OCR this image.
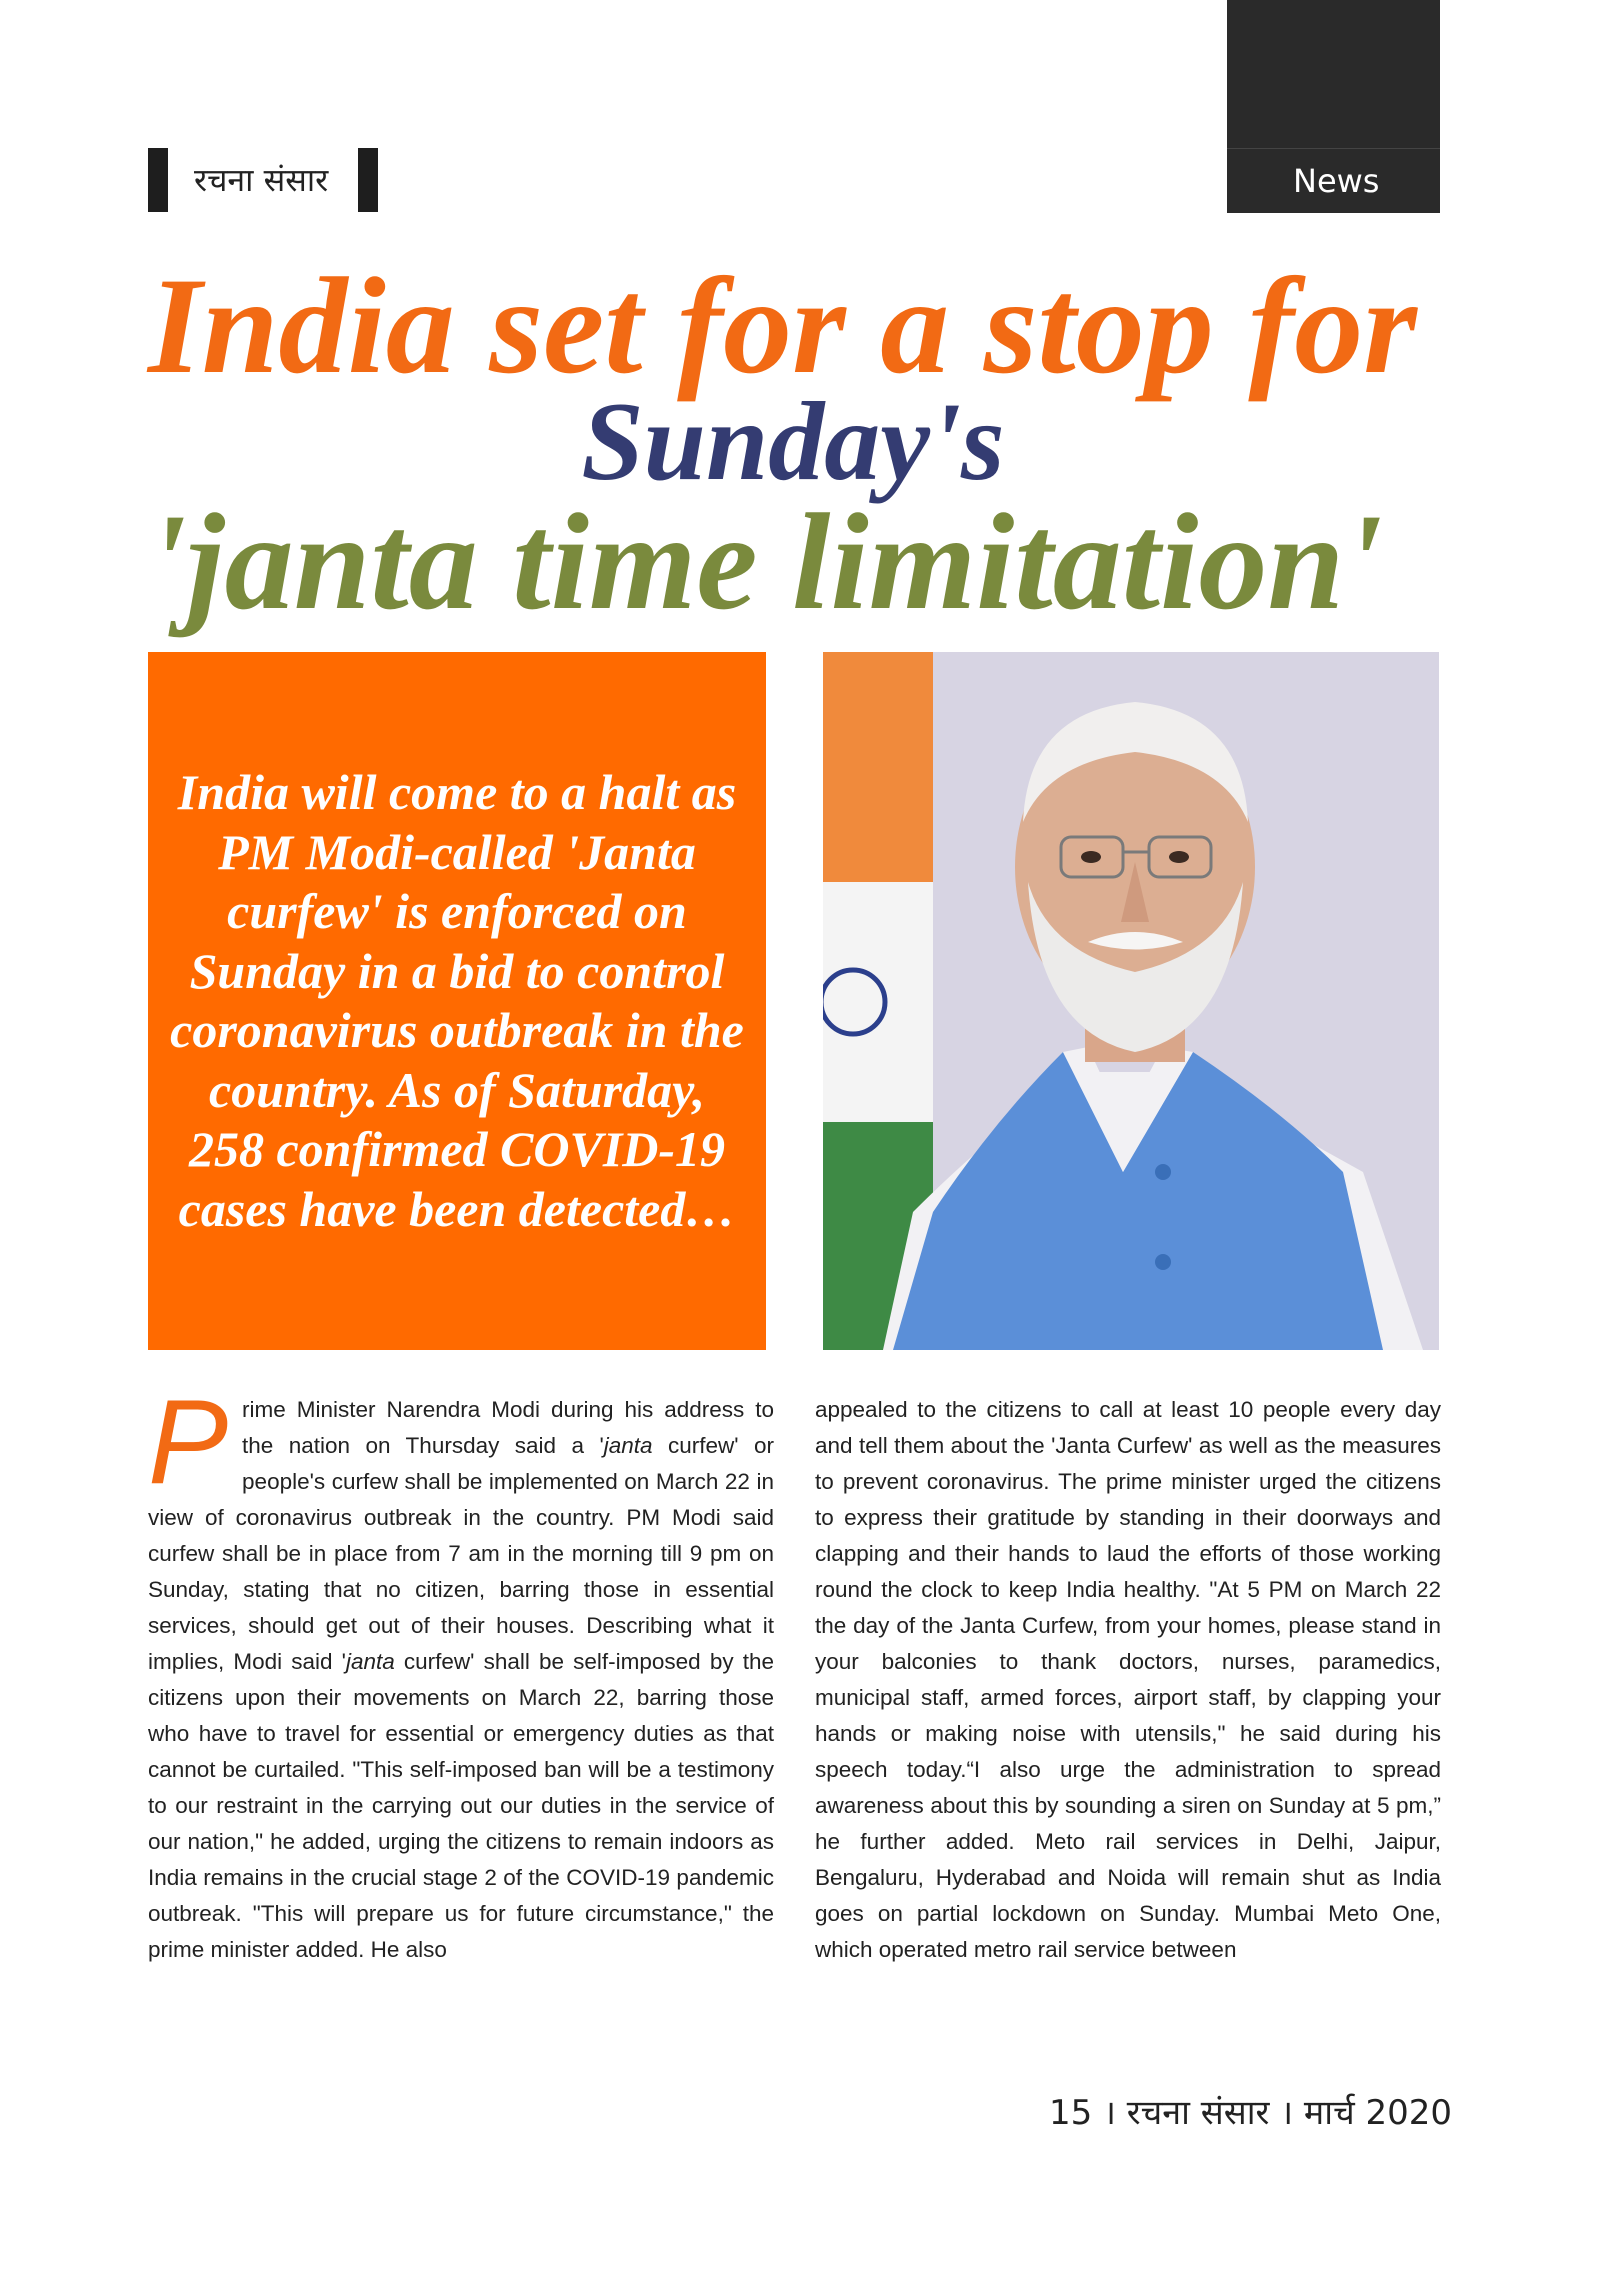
News
रचना संसार
India set for a stop for
Sunday's
'janta time limitation'

India will come to a halt as PM Modi-called 'Janta curfew' is enforced on Sunday in a bid to control coronavirus outbreak in the country. As of Saturday, 258 confirmed COVID-19 cases have been detected…

Prime Minister Narendra Modi during his address to the nation on Thursday said a 'janta curfew' or people's curfew shall be implemented on March 22 in view of coronavirus outbreak in the country. PM Modi said curfew shall be in place from 7 am in the morning till 9 pm on Sunday, stating that no citizen, barring those in essential services, should get out of their houses. Describing what it implies, Modi said 'janta curfew' shall be self-imposed by the citizens upon their movements on March 22, barring those who have to travel for essential or emergency duties as that cannot be curtailed. "This self-imposed ban will be a testimony to our restraint in the carrying out our duties in the service of our nation," he added, urging the citizens to remain indoors as India remains in the crucial stage 2 of the COVID-19 pandemic outbreak. "This will prepare us for future circumstance," the prime minister added. He also
appealed to the citizens to call at least 10 people every day and tell them about the 'Janta Curfew' as well as the measures to prevent coronavirus. The prime minister urged the citizens to express their gratitude by standing in their doorways and clapping and their hands to laud the efforts of those working round the clock to keep India healthy. "At 5 PM on March 22 the day of the Janta Curfew, from your homes, please stand in your balconies to thank doctors, nurses, paramedics, municipal staff, armed forces, airport staff, by clapping your hands or making noise with utensils," he said during his speech today.“I also urge the administration to spread awareness about this by sounding a siren on Sunday at 5 pm,” he further added. Meto rail services in Delhi, Jaipur, Bengaluru, Hyderabad and Noida will remain shut as India goes on partial lockdown on Sunday. Mumbai Meto One, which operated metro rail service between
15 । रचना संसार । मार्च 2020
